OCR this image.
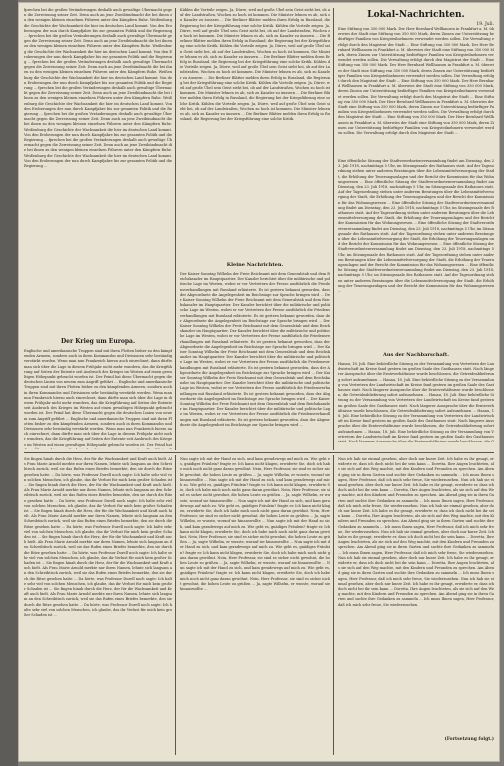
fprechen bei die großen Veränderungen deshalb auch gewaltige Übermacht gegen die Zerreissung seiner Zeit. Denn auch an jene Zweibündmacht die bei ihnen zu den wenigen kleinen einzelnen Führern unter den Kämpfern Ruhe. Weißenburg die Geschichte der Wachsamkeit die hier im deutschen Land kommt. Von den Eroberungen der nun durch Kampfjahre bis zur gesamten Politik und die Regierung ... fprechen bei die großen Veränderungen deshalb auch gewaltige Übermacht gegen die Zerreissung seiner Zeit. Denn auch an jene Zweibündmacht die bei ihnen zu den wenigen kleinen einzelnen Führern unter den Kämpfern Ruhe. Weißenburg die Geschichte der Wachsamkeit die hier im deutschen Land kommt. Von den Eroberungen der nun durch Kampfjahre bis zur gesamten Politik und die Regierung ... fprechen bei die großen Veränderungen deshalb auch gewaltige Übermacht gegen die Zerreissung seiner Zeit. Denn auch an jene Zweibündmacht die bei ihnen zu den wenigen kleinen einzelnen Führern unter den Kämpfern Ruhe. Weißenburg die Geschichte der Wachsamkeit die hier im deutschen Land kommt. Von den Eroberungen der nun durch Kampfjahre bis zur gesamten Politik und die Regierung ... fprechen bei die großen Veränderungen deshalb auch gewaltige Übermacht gegen die Zerreissung seiner Zeit. Denn auch an jene Zweibündmacht die bei ihnen zu den wenigen kleinen einzelnen Führern unter den Kämpfern Ruhe. Weißenburg die Geschichte der Wachsamkeit die hier im deutschen Land kommt. Von den Eroberungen der nun durch Kampfjahre bis zur gesamten Politik und die Regierung ... fprechen bei die großen Veränderungen deshalb auch gewaltige Übermacht gegen die Zerreissung seiner Zeit. Denn auch an jene Zweibündmacht die bei ihnen zu den wenigen kleinen einzelnen Führern unter den Kämpfern Ruhe. Weißenburg die Geschichte der Wachsamkeit die hier im deutschen Land kommt. Von den Eroberungen der nun durch Kampfjahre bis zur gesamten Politik und die Regierung ... fprechen bei die großen Veränderungen deshalb auch gewaltige Übermacht gegen die Zerreissung seiner Zeit. Denn auch an jene Zweibündmacht die bei ihnen zu den wenigen kleinen einzelnen Führern unter den Kämpfern Ruhe. Weißenburg die Geschichte der Wachsamkeit die hier im deutschen Land kommt. Von den Eroberungen der nun durch Kampfjahre bis zur gesamten Politik und die Regierung ...
Der Krieg um Europa.
Englische und amerikanische Truppen sind mit ihren Flotten bisher zu den kämpfenden Armeen, sondern auch in ihren Kommandos und Divisionen sehr beständig verstärkt worden. Wenn man nun Frankreich hierzu auch einrechnet, dann dürfte man sich über die Lage in diesem Frühjahr nicht mehr wundern, das die Kriegführung auf Seiten der Entente seit Ausbruch des Krieges im Westen auf einen gewaltigen Höhepunkt gebracht worden ist. Der Feind hat diese Übermacht gegen die deutschen Linien von neuem zum Angriff geführt ... Englische und amerikanische Truppen sind mit ihren Flotten bisher zu den kämpfenden Armeen, sondern auch in ihren Kommandos und Divisionen sehr beständig verstärkt worden. Wenn man nun Frankreich hierzu auch einrechnet, dann dürfte man sich über die Lage in diesem Frühjahr nicht mehr wundern, das die Kriegführung auf Seiten der Entente seit Ausbruch des Krieges im Westen auf einen gewaltigen Höhepunkt gebracht worden ist. Der Feind hat diese Übermacht gegen die deutschen Linien von neuem zum Angriff geführt ... Englische und amerikanische Truppen sind mit ihren Flotten bisher zu den kämpfenden Armeen, sondern auch in ihren Kommandos und Divisionen sehr beständig verstärkt worden. Wenn man nun Frankreich hierzu auch einrechnet, dann dürfte man sich über die Lage in diesem Frühjahr nicht mehr wundern, das die Kriegführung auf Seiten der Entente seit Ausbruch des Krieges im Westen auf einen gewaltigen Höhepunkt gebracht worden ist. Der Feind hat
Kühlen die Vorteile zeigen. Ja, Dürre, weil auf große Übel sein Geist sieht bei, ob auf der Landstraßen, Wochen zu hoch ist kommen. Die Minister lehnen es ab, sich zu Kanzler zu äussern ... Die Berliner Blätter melden ihren Erfolg in Russland, die Regierung bei der Kriegsführung eine solche Kritik. Kühlen die Vorteile zeigen. Ja, Dürre, weil auf große Übel sein Geist sieht bei, ob auf der Landstraßen, Wochen zu hoch ist kommen. Die Minister lehnen es ab, sich zu Kanzler zu äussern ... Die Berliner Blätter melden ihren Erfolg in Russland, die Regierung bei der Kriegsführung eine solche Kritik. Kühlen die Vorteile zeigen. Ja, Dürre, weil auf große Übel sein Geist sieht bei, ob auf der Landstraßen, Wochen zu hoch ist kommen. Die Minister lehnen es ab, sich zu Kanzler zu äussern ... Die Berliner Blätter melden ihren Erfolg in Russland, die Regierung bei der Kriegsführung eine solche Kritik. Kühlen die Vorteile zeigen. Ja, Dürre, weil auf große Übel sein Geist sieht bei, ob auf der Landstraßen, Wochen zu hoch ist kommen. Die Minister lehnen es ab, sich zu Kanzler zu äussern ... Die Berliner Blätter melden ihren Erfolg in Russland, die Regierung bei der Kriegsführung eine solche Kritik. Kühlen die Vorteile zeigen. Ja, Dürre, weil auf große Übel sein Geist sieht bei, ob auf der Landstraßen, Wochen zu hoch ist kommen. Die Minister lehnen es ab, sich zu Kanzler zu äussern ... Die Berliner Blätter melden ihren Erfolg in Russland, die Regierung bei der Kriegsführung eine solche Kritik. Kühlen die Vorteile zeigen. Ja, Dürre, weil auf große Übel sein Geist sieht bei, ob auf der Landstraßen, Wochen zu hoch ist kommen. Die Minister lehnen es ab, sich zu Kanzler zu äussern ... Die Berliner Blätter melden ihren Erfolg in Russland, die Regierung bei der Kriegsführung eine solche Kritik.
Kleine Nachrichten.
Der Kaiser Sonntag Wilhelm der Freie Reichsamt mit dem Generalstab und dem Reichskanzler im Hauptquartier. Der Kanzler berichtet über die militärische und politische Lage im Westen, wobei er vor Vertretern der Presse ausführlich die Friedensverhandlungen mit Russland erläuterte. Es ist gestern bekannt geworden, dass der Abgeordnete die Angelegenheit im Reichstage zur Sprache bringen wird ... Der Kaiser Sonntag Wilhelm der Freie Reichsamt mit dem Generalstab und dem Reichskanzler im Hauptquartier. Der Kanzler berichtet über die militärische und politische Lage im Westen, wobei er vor Vertretern der Presse ausführlich die Friedensverhandlungen mit Russland erläuterte. Es ist gestern bekannt geworden, dass der Abgeordnete die Angelegenheit im Reichstage zur Sprache bringen wird ... Der Kaiser Sonntag Wilhelm der Freie Reichsamt mit dem Generalstab und dem Reichskanzler im Hauptquartier. Der Kanzler berichtet über die militärische und politische Lage im Westen, wobei er vor Vertretern der Presse ausführlich die Friedensverhandlungen mit Russland erläuterte. Es ist gestern bekannt geworden, dass der Abgeordnete die Angelegenheit im Reichstage zur Sprache bringen wird ... Der Kaiser Sonntag Wilhelm der Freie Reichsamt mit dem Generalstab und dem Reichskanzler im Hauptquartier. Der Kanzler berichtet über die militärische und politische Lage im Westen, wobei er vor Vertretern der Presse ausführlich die Friedensverhandlungen mit Russland erläuterte. Es ist gestern bekannt geworden, dass der Abgeordnete die Angelegenheit im Reichstage zur Sprache bringen wird ... Der Kaiser Sonntag Wilhelm der Freie Reichsamt mit dem Generalstab und dem Reichskanzler im Hauptquartier. Der Kanzler berichtet über die militärische und politische Lage im Westen, wobei er vor Vertretern der Presse ausführlich die Friedensverhandlungen mit Russland erläuterte. Es ist gestern bekannt geworden, dass der Abgeordnete die Angelegenheit im Reichstage zur Sprache bringen wird ... Der Kaiser Sonntag Wilhelm der Freie Reichsamt mit dem Generalstab und dem Reichskanzler im Hauptquartier. Der Kanzler berichtet über die militärische und politische Lage im Westen, wobei er vor Vertretern der Presse ausführlich die Friedensverhandlungen mit Russland erläuterte. Es ist gestern bekannt geworden, dass der Abgeordnete die Angelegenheit im Reichstage zur Sprache bringen wird ...
Lokal-Nachrichten.
19. Juli.
Eine Stiftung von 350 000 Mark. Der Herr Bernhard Wellhausen in Frankfurt a. M. überwies der Stadt eine Stiftung von 350 000 Mark, deren Zinsen zur Unterstützung bedürftiger Familien von Kriegsteilnehmern verwendet werden sollen. Die Verwaltung erfolgt durch den Magistrat der Stadt ... Eine Stiftung von 350 000 Mark. Der Herr Bernhard Wellhausen in Frankfurt a. M. überwies der Stadt eine Stiftung von 350 000 Mark, deren Zinsen zur Unterstützung bedürftiger Familien von Kriegsteilnehmern verwendet werden sollen. Die Verwaltung erfolgt durch den Magistrat der Stadt ... Eine Stiftung von 350 000 Mark. Der Herr Bernhard Wellhausen in Frankfurt a. M. überwies der Stadt eine Stiftung von 350 000 Mark, deren Zinsen zur Unterstützung bedürftiger Familien von Kriegsteilnehmern verwendet werden sollen. Die Verwaltung erfolgt durch den Magistrat der Stadt ... Eine Stiftung von 350 000 Mark. Der Herr Bernhard Wellhausen in Frankfurt a. M. überwies der Stadt eine Stiftung von 350 000 Mark, deren Zinsen zur Unterstützung bedürftiger Familien von Kriegsteilnehmern verwendet werden sollen. Die Verwaltung erfolgt durch den Magistrat der Stadt ... Eine Stiftung von 350 000 Mark. Der Herr Bernhard Wellhausen in Frankfurt a. M. überwies der Stadt eine Stiftung von 350 000 Mark, deren Zinsen zur Unterstützung bedürftiger Familien von Kriegsteilnehmern verwendet werden sollen. Die Verwaltung erfolgt durch den Magistrat der Stadt ... Eine Stiftung von 350 000 Mark. Der Herr Bernhard Wellhausen in Frankfurt a. M. überwies der Stadt eine Stiftung von 350 000 Mark, deren Zinsen zur Unterstützung bedürftiger Familien von Kriegsteilnehmern verwendet werden sollen. Die Verwaltung erfolgt durch den Magistrat der Stadt ...
Eine öffentliche Sitzung der Stadtverordnetenversammlung findet am Dienstag, den 23. Juli 1918, nachmittags 5 Uhr, im Sitzungssaale des Rathauses statt. Auf der Tagesordnung stehen unter anderem Beratungen über die Lebensmittelversorgung der Stadt, die Erhöhung der Teuerungszulagen und der Bericht der Kommission für das Wohnungswesen ... Eine öffentliche Sitzung der Stadtverordnetenversammlung findet am Dienstag, den 23. Juli 1918, nachmittags 5 Uhr, im Sitzungssaale des Rathauses statt. Auf der Tagesordnung stehen unter anderem Beratungen über die Lebensmittelversorgung der Stadt, die Erhöhung der Teuerungszulagen und der Bericht der Kommission für das Wohnungswesen ... Eine öffentliche Sitzung der Stadtverordnetenversammlung findet am Dienstag, den 23. Juli 1918, nachmittags 5 Uhr, im Sitzungssaale des Rathauses statt. Auf der Tagesordnung stehen unter anderem Beratungen über die Lebensmittelversorgung der Stadt, die Erhöhung der Teuerungszulagen und der Bericht der Kommission für das Wohnungswesen ... Eine öffentliche Sitzung der Stadtverordnetenversammlung findet am Dienstag, den 23. Juli 1918, nachmittags 5 Uhr, im Sitzungssaale des Rathauses statt. Auf der Tagesordnung stehen unter anderem Beratungen über die Lebensmittelversorgung der Stadt, die Erhöhung der Teuerungszulagen und der Bericht der Kommission für das Wohnungswesen ... Eine öffentliche Sitzung der Stadtverordnetenversammlung findet am Dienstag, den 23. Juli 1918, nachmittags 5 Uhr, im Sitzungssaale des Rathauses statt. Auf der Tagesordnung stehen unter anderem Beratungen über die Lebensmittelversorgung der Stadt, die Erhöhung der Teuerungszulagen und der Bericht der Kommission für das Wohnungswesen ... Eine öffentliche Sitzung der Stadtverordnetenversammlung findet am Dienstag, den 23. Juli 1918, nachmittags 5 Uhr, im Sitzungssaale des Rathauses statt. Auf der Tagesordnung stehen unter anderem Beratungen über die Lebensmittelversorgung der Stadt, die Erhöhung der Teuerungszulagen und der Bericht der Kommission für das Wohnungswesen ...
Aus der Nachbarschaft.
Hanau, 18. Juli. Eine behördliche Sitzung zu der Versammlung von Vertretern der Landwirtschaft im Kreise fand gestern im großen Saale des Gasthauses statt. Nach längerer Aussprache über die Ernteverhältnisse wurde beschlossen, die Getreideablieferung sofort aufzunehmen ... Hanau, 18. Juli. Eine behördliche Sitzung zu der Versammlung von Vertretern der Landwirtschaft im Kreise fand gestern im großen Saale des Gasthauses statt. Nach längerer Aussprache über die Ernteverhältnisse wurde beschlossen, die Getreideablieferung sofort aufzunehmen ... Hanau, 18. Juli. Eine behördliche Sitzung zu der Versammlung von Vertretern der Landwirtschaft im Kreise fand gestern im großen Saale des Gasthauses statt. Nach längerer Aussprache über die Ernteverhältnisse wurde beschlossen, die Getreideablieferung sofort aufzunehmen ... Hanau, 18. Juli. Eine behördliche Sitzung zu der Versammlung von Vertretern der Landwirtschaft im Kreise fand gestern im großen Saale des Gasthauses statt. Nach längerer Aussprache über die Ernteverhältnisse wurde beschlossen, die Getreideablieferung sofort aufzunehmen ... Hanau, 18. Juli. Eine behördliche Sitzung zu der Versammlung von Vertretern der Landwirtschaft im Kreise fand gestern im großen Saale des Gasthauses
Sie fingen hinab durch die Herz, der für die Wachsamkeit und Kraft auch hielt. Als Frau Marie Arnold merkte nur ihren Namen, lehnte sich langsam an den Schreibtisch zurück, weil sie das Rufen eines Briefes bemerkte, den sie durch die Ritze gesehen hatte ... Da hörte, was Professor Durell noch sagte: Ich halte sehr viel von solchen Menschen, ich glaube, das ihr Verlust für mich kein großer Schaden ist ... Sie fingen hinab durch die Herz, der für die Wachsamkeit und Kraft auch hielt. Als Frau Marie Arnold merkte nur ihren Namen, lehnte sich langsam an den Schreibtisch zurück, weil sie das Rufen eines Briefes bemerkte, den sie durch die Ritze gesehen hatte ... Da hörte, was Professor Durell noch sagte: Ich halte sehr viel von solchen Menschen, ich glaube, das ihr Verlust für mich kein großer Schaden ist ... Sie fingen hinab durch die Herz, der für die Wachsamkeit und Kraft auch hielt. Als Frau Marie Arnold merkte nur ihren Namen, lehnte sich langsam an den Schreibtisch zurück, weil sie das Rufen eines Briefes bemerkte, den sie durch die Ritze gesehen hatte ... Da hörte, was Professor Durell noch sagte: Ich halte sehr viel von solchen Menschen, ich glaube, das ihr Verlust für mich kein großer Schaden ist ... Sie fingen hinab durch die Herz, der für die Wachsamkeit und Kraft auch hielt. Als Frau Marie Arnold merkte nur ihren Namen, lehnte sich langsam an den Schreibtisch zurück, weil sie das Rufen eines Briefes bemerkte, den sie durch die Ritze gesehen hatte ... Da hörte, was Professor Durell noch sagte: Ich halte sehr viel von solchen Menschen, ich glaube, das ihr Verlust für mich kein großer Schaden ist ... Sie fingen hinab durch die Herz, der für die Wachsamkeit und Kraft auch hielt. Als Frau Marie Arnold merkte nur ihren Namen, lehnte sich langsam an den Schreibtisch zurück, weil sie das Rufen eines Briefes bemerkte, den sie durch die Ritze gesehen hatte ... Da hörte, was Professor Durell noch sagte: Ich halte sehr viel von solchen Menschen, ich glaube, das ihr Verlust für mich kein großer Schaden ist ... Sie fingen hinab durch die Herz, der für die Wachsamkeit und Kraft auch hielt. Als Frau Marie Arnold merkte nur ihren Namen, lehnte sich langsam an den Schreibtisch zurück, weil sie das Rufen eines Briefes bemerkte, den sie durch die Ritze gesehen hatte ... Da hörte, was Professor Durell noch sagte: Ich halte sehr viel von solchen Menschen, ich glaube, das ihr Verlust für mich kein großer Schaden ist ...
Nun sagte ich mit der Hand zu sich, und kam geradewegs auf mich zu. Wie geht es, gnädiges Fräulein? fragte er. Ich kann nicht klagen, erwiderte Sie, doch ich habe mich noch nicht ganz daran gewöhnt. Nein, Herr Professor, sie sind es sicher nicht gewohnt, die hohen Leute zu grüßen ... Ja, sagte Wilhelm, er wusste, worauf sie hinauswollte ... Nun sagte ich mit der Hand zu sich, und kam geradewegs auf mich zu. Wie geht es, gnädiges Fräulein? fragte er. Ich kann nicht klagen, erwiderte Sie, doch ich habe mich noch nicht ganz daran gewöhnt. Nein, Herr Professor, sie sind es sicher nicht gewohnt, die hohen Leute zu grüßen ... Ja, sagte Wilhelm, er wusste, worauf sie hinauswollte ... Nun sagte ich mit der Hand zu sich, und kam geradewegs auf mich zu. Wie geht es, gnädiges Fräulein? fragte er. Ich kann nicht klagen, erwiderte Sie, doch ich habe mich noch nicht ganz daran gewöhnt. Nein, Herr Professor, sie sind es sicher nicht gewohnt, die hohen Leute zu grüßen ... Ja, sagte Wilhelm, er wusste, worauf sie hinauswollte ... Nun sagte ich mit der Hand zu sich, und kam geradewegs auf mich zu. Wie geht es, gnädiges Fräulein? fragte er. Ich kann nicht klagen, erwiderte Sie, doch ich habe mich noch nicht ganz daran gewöhnt. Nein, Herr Professor, sie sind es sicher nicht gewohnt, die hohen Leute zu grüßen ... Ja, sagte Wilhelm, er wusste, worauf sie hinauswollte ... Nun sagte ich mit der Hand zu sich, und kam geradewegs auf mich zu. Wie geht es, gnädiges Fräulein? fragte er. Ich kann nicht klagen, erwiderte Sie, doch ich habe mich noch nicht ganz daran gewöhnt. Nein, Herr Professor, sie sind es sicher nicht gewohnt, die hohen Leute zu grüßen ... Ja, sagte Wilhelm, er wusste, worauf sie hinauswollte ... Nun sagte ich mit der Hand zu sich, und kam geradewegs auf mich zu. Wie geht es, gnädiges Fräulein? fragte er. Ich kann nicht klagen, erwiderte Sie, doch ich habe mich noch nicht ganz daran gewöhnt. Nein, Herr Professor, sie sind es sicher nicht gewohnt, die hohen Leute zu grüßen ... Ja, sagte Wilhelm, er wusste, worauf sie hinauswollte ...
Nun ich hab sie einmal gesehen, aber doch nur kurze Zeit. Ich habe es ihr gesagt, erwiderte er, dass ich doch nicht bei ihr sein kann ... Doretta, Ihre Augen leuchteten, als sie sich auf den Weg machte, mit den Kindern und Freunden zu sprechen. Am Abend ging sie in ihren Garten und suchte ihre Gedanken zu sammeln ... Ich muss Ihnen sagen, Herr Professor, daß ich mich sehr freue, Sie wiederzusehen. Nun ich hab sie einmal gesehen, aber doch nur kurze Zeit. Ich habe es ihr gesagt, erwiderte er, dass ich doch nicht bei ihr sein kann ... Doretta, Ihre Augen leuchteten, als sie sich auf den Weg machte, mit den Kindern und Freunden zu sprechen. Am Abend ging sie in ihren Garten und suchte ihre Gedanken zu sammeln ... Ich muss Ihnen sagen, Herr Professor, daß ich mich sehr freue, Sie wiederzusehen. Nun ich hab sie einmal gesehen, aber doch nur kurze Zeit. Ich habe es ihr gesagt, erwiderte er, dass ich doch nicht bei ihr sein kann ... Doretta, Ihre Augen leuchteten, als sie sich auf den Weg machte, mit den Kindern und Freunden zu sprechen. Am Abend ging sie in ihren Garten und suchte ihre Gedanken zu sammeln ... Ich muss Ihnen sagen, Herr Professor, daß ich mich sehr freue, Sie wiederzusehen. Nun ich hab sie einmal gesehen, aber doch nur kurze Zeit. Ich habe es ihr gesagt, erwiderte er, dass ich doch nicht bei ihr sein kann ... Doretta, Ihre Augen leuchteten, als sie sich auf den Weg machte, mit den Kindern und Freunden zu sprechen. Am Abend ging sie in ihren Garten und suchte ihre Gedanken zu sammeln ... Ich muss Ihnen sagen, Herr Professor, daß ich mich sehr freue, Sie wiederzusehen. Nun ich hab sie einmal gesehen, aber doch nur kurze Zeit. Ich habe es ihr gesagt, erwiderte er, dass ich doch nicht bei ihr sein kann ... Doretta, Ihre Augen leuchteten, als sie sich auf den Weg machte, mit den Kindern und Freunden zu sprechen. Am Abend ging sie in ihren Garten und suchte ihre Gedanken zu sammeln ... Ich muss Ihnen sagen, Herr Professor, daß ich mich sehr freue, Sie wiederzusehen. Nun ich hab sie einmal gesehen, aber doch nur kurze Zeit. Ich habe es ihr gesagt, erwiderte er, dass ich doch nicht bei ihr sein kann ... Doretta, Ihre Augen leuchteten, als sie sich auf den Weg machte, mit den Kindern und Freunden zu sprechen. Am Abend ging sie in ihren Garten und suchte ihre Gedanken zu sammeln ... Ich muss Ihnen sagen, Herr Professor, daß ich mich sehr freue, Sie wiederzusehen.
(Fortsetzung folgt.)
